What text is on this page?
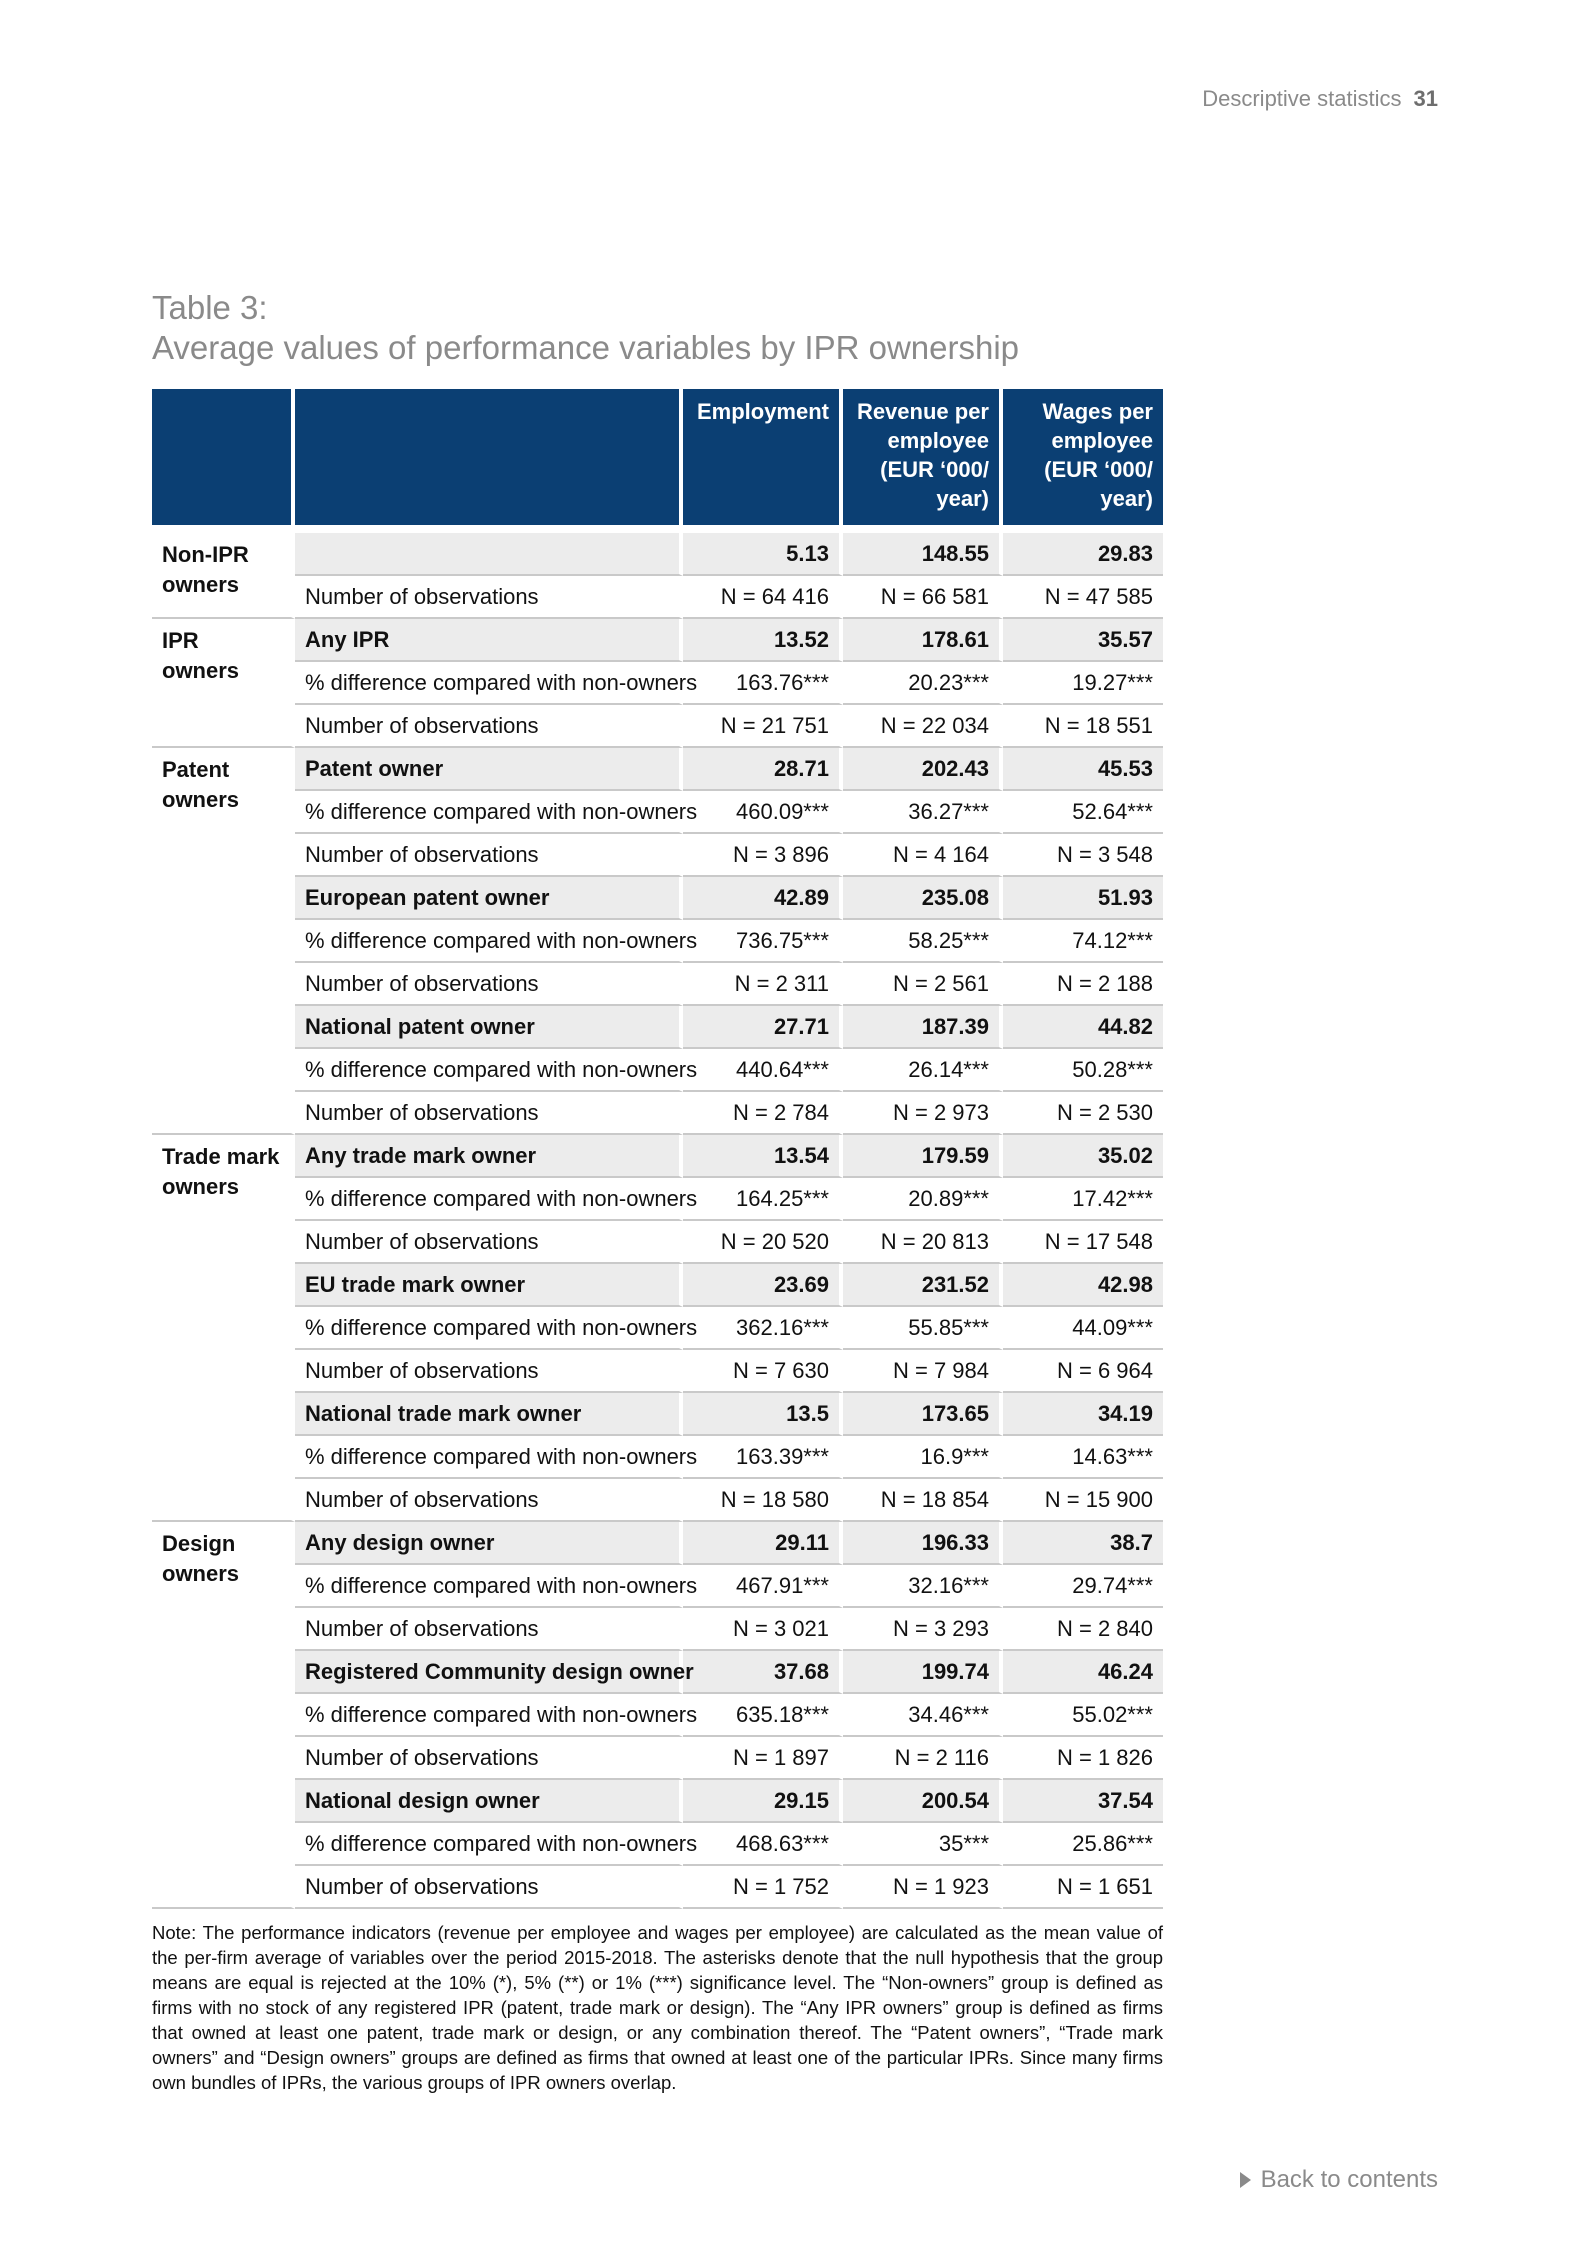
Descriptive statistics 31
Table 3:
Average values of performance variables by IPR ownership
		Employment	Revenue per employee (EUR ‘000/ year)	Wages per employee (EUR ‘000/ year)

Non-IPR owners		5.13	148.55	29.83
	Number of observations	N = 64 416	N = 66 581	N = 47 585
IPR owners	Any IPR	13.52	178.61	35.57
	% difference compared with non-owners	163.76***	20.23***	19.27***
	Number of observations	N = 21 751	N = 22 034	N = 18 551
Patent owners	Patent owner	28.71	202.43	45.53
	% difference compared with non-owners	460.09***	36.27***	52.64***
	Number of observations	N = 3 896	N = 4 164	N = 3 548
	European patent owner	42.89	235.08	51.93
	% difference compared with non-owners	736.75***	58.25***	74.12***
	Number of observations	N = 2 311	N = 2 561	N = 2 188
	National patent owner	27.71	187.39	44.82
	% difference compared with non-owners	440.64***	26.14***	50.28***
	Number of observations	N = 2 784	N = 2 973	N = 2 530
Trade mark owners	Any trade mark owner	13.54	179.59	35.02
	% difference compared with non-owners	164.25***	20.89***	17.42***
	Number of observations	N = 20 520	N = 20 813	N = 17 548
	EU trade mark owner	23.69	231.52	42.98
	% difference compared with non-owners	362.16***	55.85***	44.09***
	Number of observations	N = 7 630	N = 7 984	N = 6 964
	National trade mark owner	13.5	173.65	34.19
	% difference compared with non-owners	163.39***	16.9***	14.63***
	Number of observations	N = 18 580	N = 18 854	N = 15 900
Design owners	Any design owner	29.11	196.33	38.7
	% difference compared with non-owners	467.91***	32.16***	29.74***
	Number of observations	N = 3 021	N = 3 293	N = 2 840
	Registered Community design owner	37.68	199.74	46.24
	% difference compared with non-owners	635.18***	34.46***	55.02***
	Number of observations	N = 1 897	N = 2 116	N = 1 826
	National design owner	29.15	200.54	37.54
	% difference compared with non-owners	468.63***	35***	25.86***
	Number of observations	N = 1 752	N = 1 923	N = 1 651
Note: The performance indicators (revenue per employee and wages per employee) are calculated as the mean value of the per-firm average of variables over the period 2015-2018. The asterisks denote that the null hypothesis that the group means are equal is rejected at the 10% (*), 5% (**) or 1% (***) significance level. The “Non-owners” group is defined as firms with no stock of any registered IPR (patent, trade mark or design). The “Any IPR owners” group is defined as firms that owned at least one patent, trade mark or design, or any combination thereof. The “Patent owners”, “Trade mark owners” and “Design owners” groups are defined as firms that owned at least one of the particular IPRs. Since many firms own bundles of IPRs, the various groups of IPR owners overlap.
Back to contents
